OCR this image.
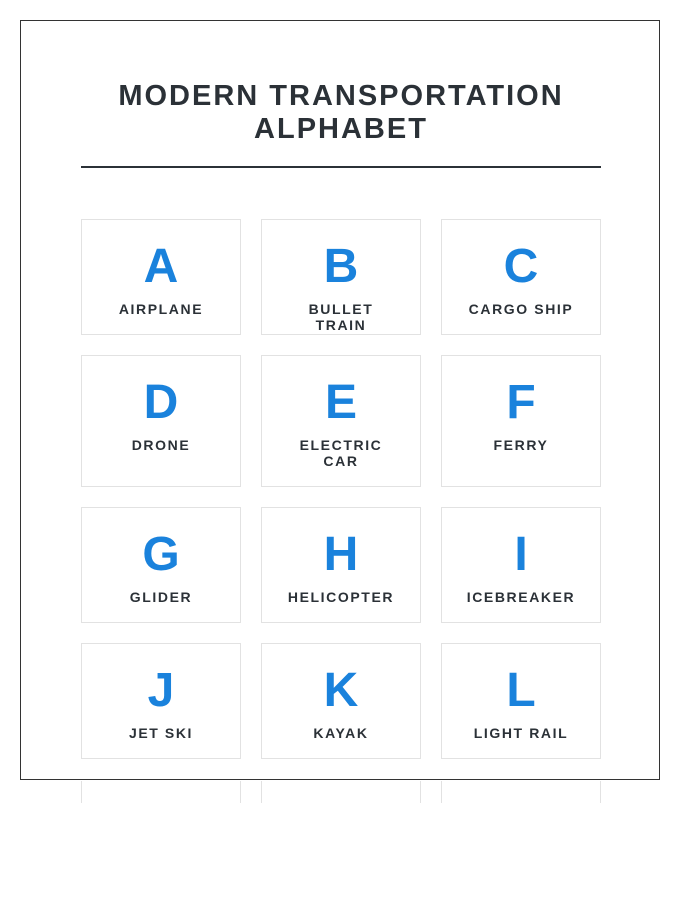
MODERN TRANSPORTATION
ALPHABET
A
AIRPLANE
B
BULLET TRAIN
C
CARGO SHIP
D
DRONE
E
ELECTRIC CAR
F
FERRY
G
GLIDER
H
HELICOPTER
I
ICEBREAKER
J
JET SKI
K
KAYAK
L
LIGHT RAIL
